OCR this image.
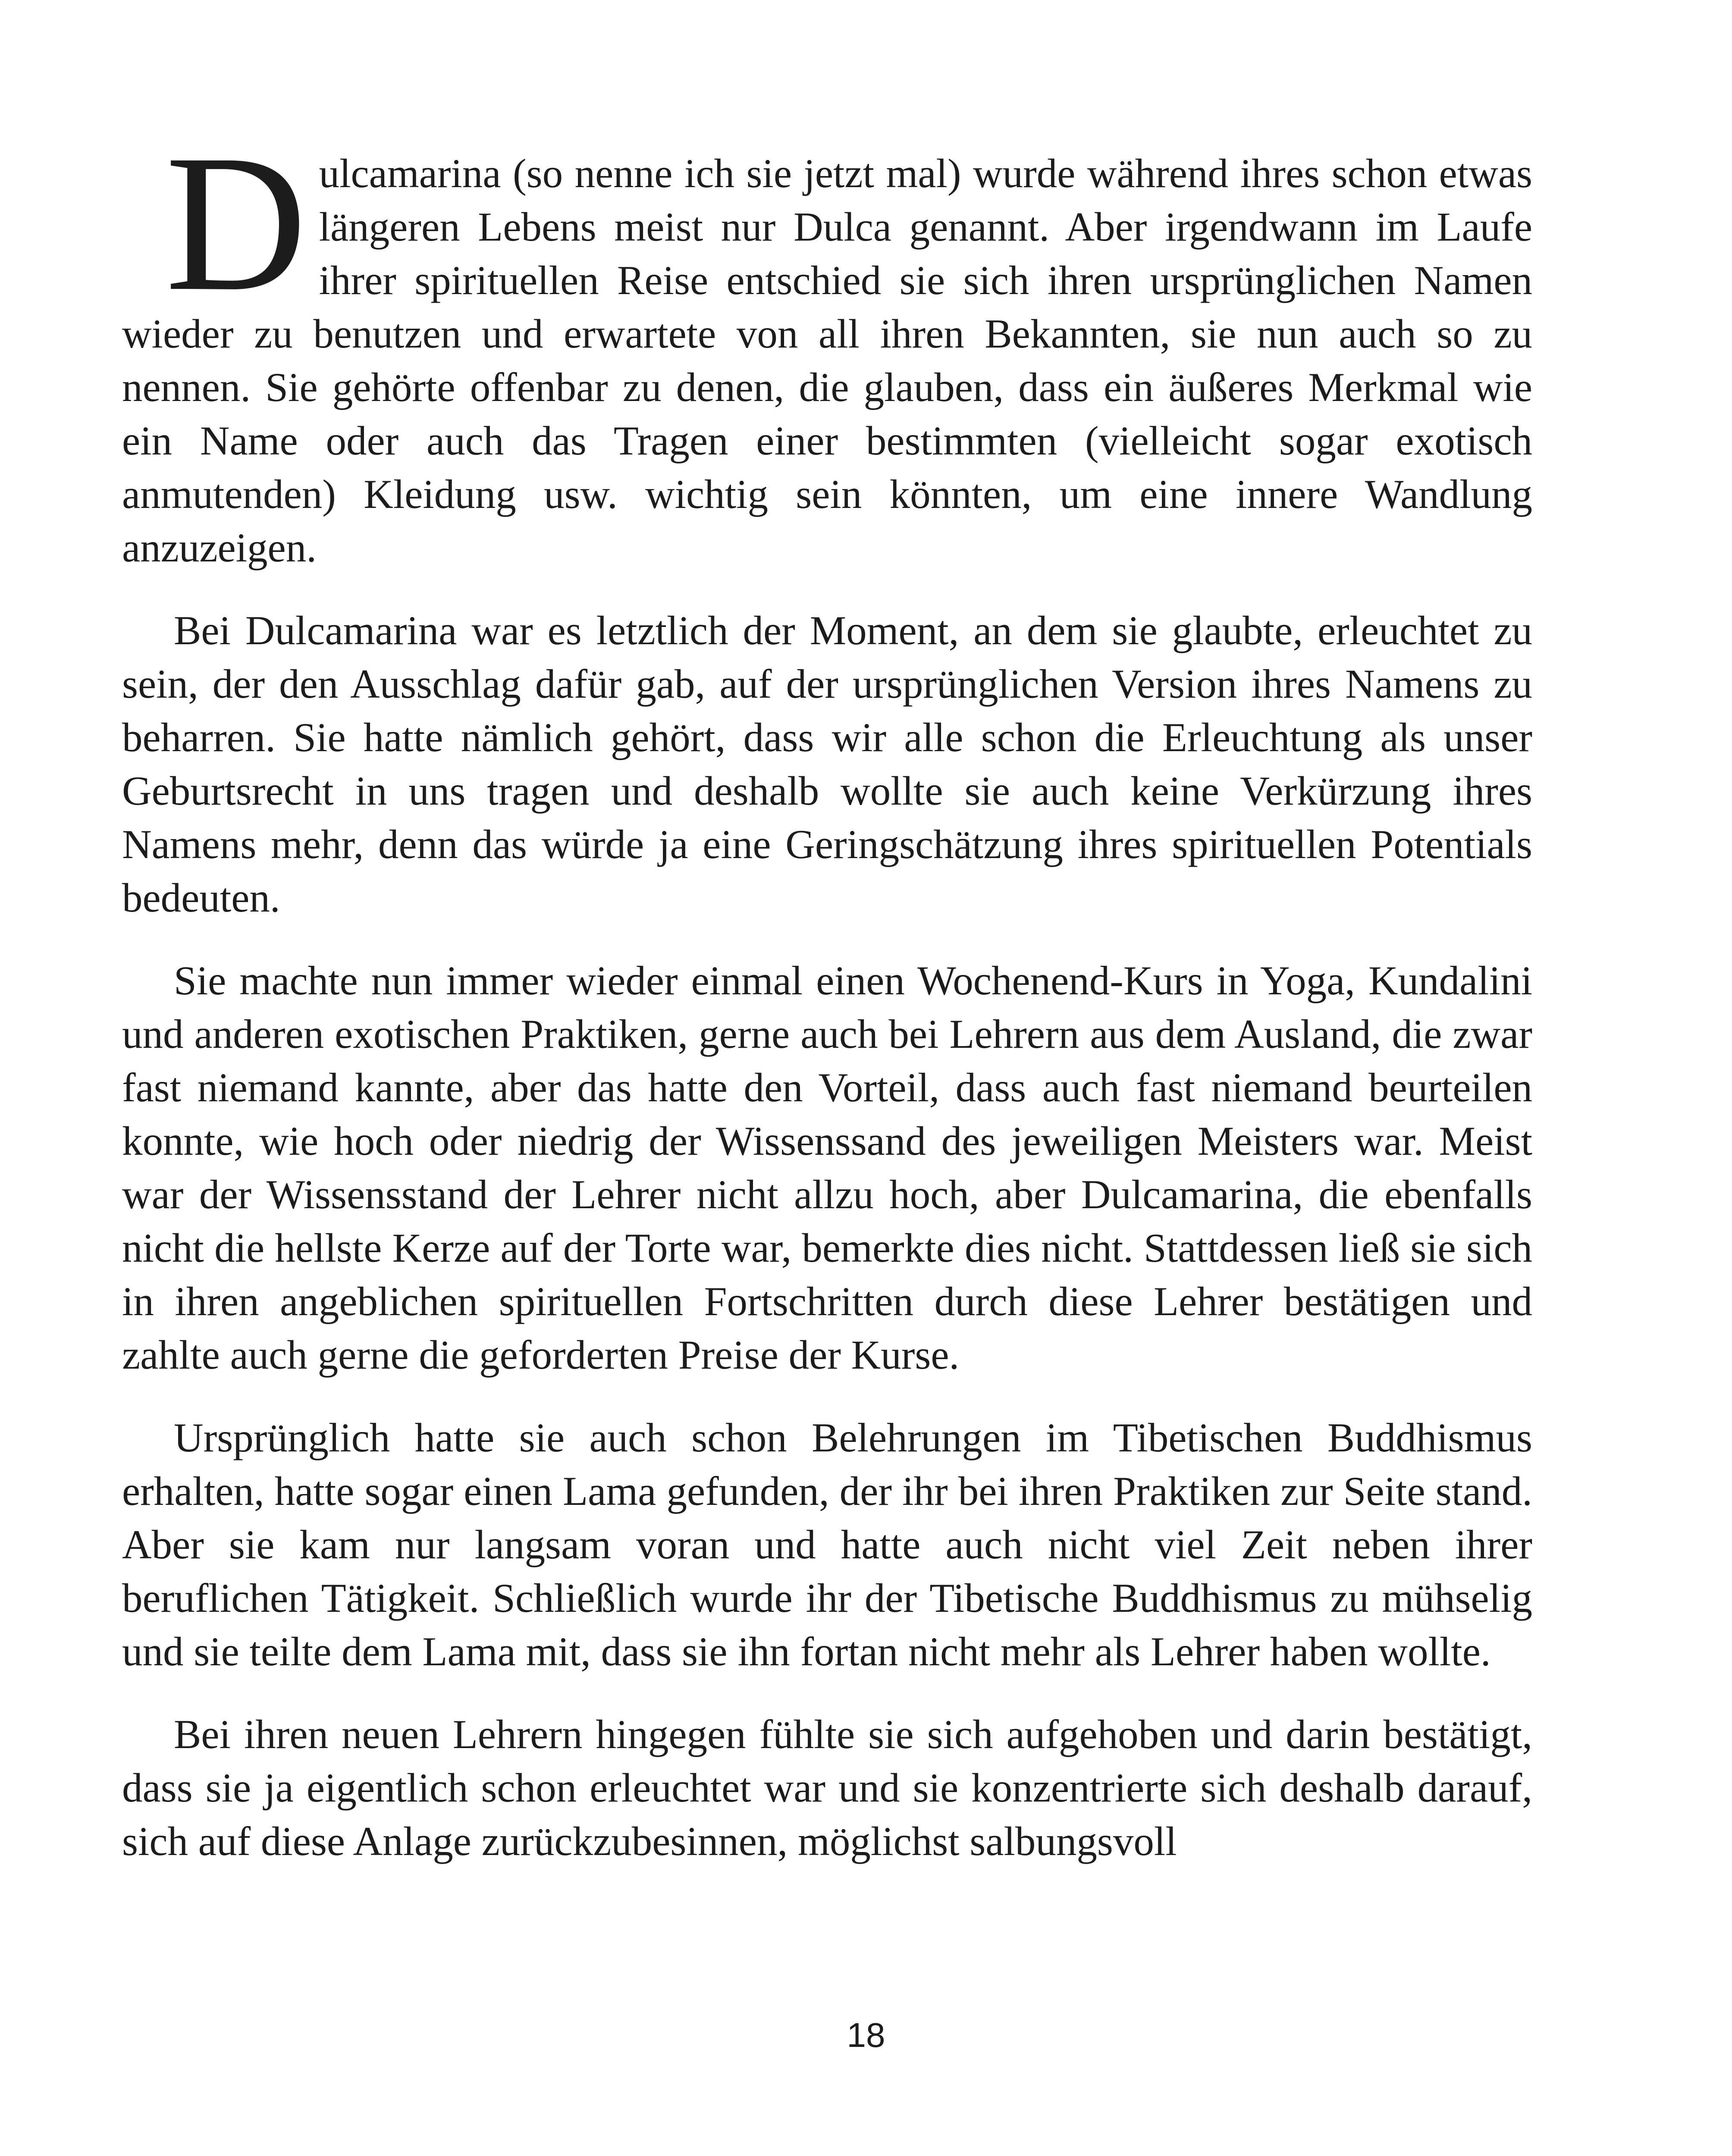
Dulcamarina (so nenne ich sie jetzt mal) wurde während ihres schon etwas längeren Lebens meist nur Dulca genannt. Aber irgendwann im Laufe ihrer spirituellen Reise entschied sie sich ihren ursprünglichen Namen wieder zu benutzen und erwartete von all ihren Bekannten, sie nun auch so zu nennen. Sie gehörte offenbar zu denen, die glauben, dass ein äußeres Merkmal wie ein Name oder auch das Tragen einer bestimmten (vielleicht sogar exotisch anmutenden) Kleidung usw. wichtig sein könnten, um eine innere Wandlung anzuzeigen.

Bei Dulcamarina war es letztlich der Moment, an dem sie glaubte, erleuchtet zu sein, der den Ausschlag dafür gab, auf der ursprünglichen Version ihres Namens zu beharren. Sie hatte nämlich gehört, dass wir alle schon die Erleuchtung als unser Geburtsrecht in uns tragen und deshalb wollte sie auch keine Verkürzung ihres Namens mehr, denn das würde ja eine Geringschätzung ihres spirituellen Potentials bedeuten.

Sie machte nun immer wieder einmal einen Wochenend-Kurs in Yoga, Kundalini und anderen exotischen Praktiken, gerne auch bei Lehrern aus dem Ausland, die zwar fast niemand kannte, aber das hatte den Vorteil, dass auch fast niemand beurteilen konnte, wie hoch oder niedrig der Wissenssand des jeweiligen Meisters war. Meist war der Wissensstand der Lehrer nicht allzu hoch, aber Dulcamarina, die ebenfalls nicht die hellste Kerze auf der Torte war, bemerkte dies nicht. Stattdessen ließ sie sich in ihren angeblichen spirituellen Fortschritten durch diese Lehrer bestätigen und zahlte auch gerne die geforderten Preise der Kurse.

Ursprünglich hatte sie auch schon Belehrungen im Tibetischen Buddhismus erhalten, hatte sogar einen Lama gefunden, der ihr bei ihren Praktiken zur Seite stand. Aber sie kam nur langsam voran und hatte auch nicht viel Zeit neben ihrer beruflichen Tätigkeit. Schließlich wurde ihr der Tibetische Buddhismus zu mühselig und sie teilte dem Lama mit, dass sie ihn fortan nicht mehr als Lehrer haben wollte.

Bei ihren neuen Lehrern hingegen fühlte sie sich aufgehoben und darin bestätigt, dass sie ja eigentlich schon erleuchtet war und sie konzentrierte sich deshalb darauf, sich auf diese Anlage zurückzubesinnen, möglichst salbungsvoll

18
